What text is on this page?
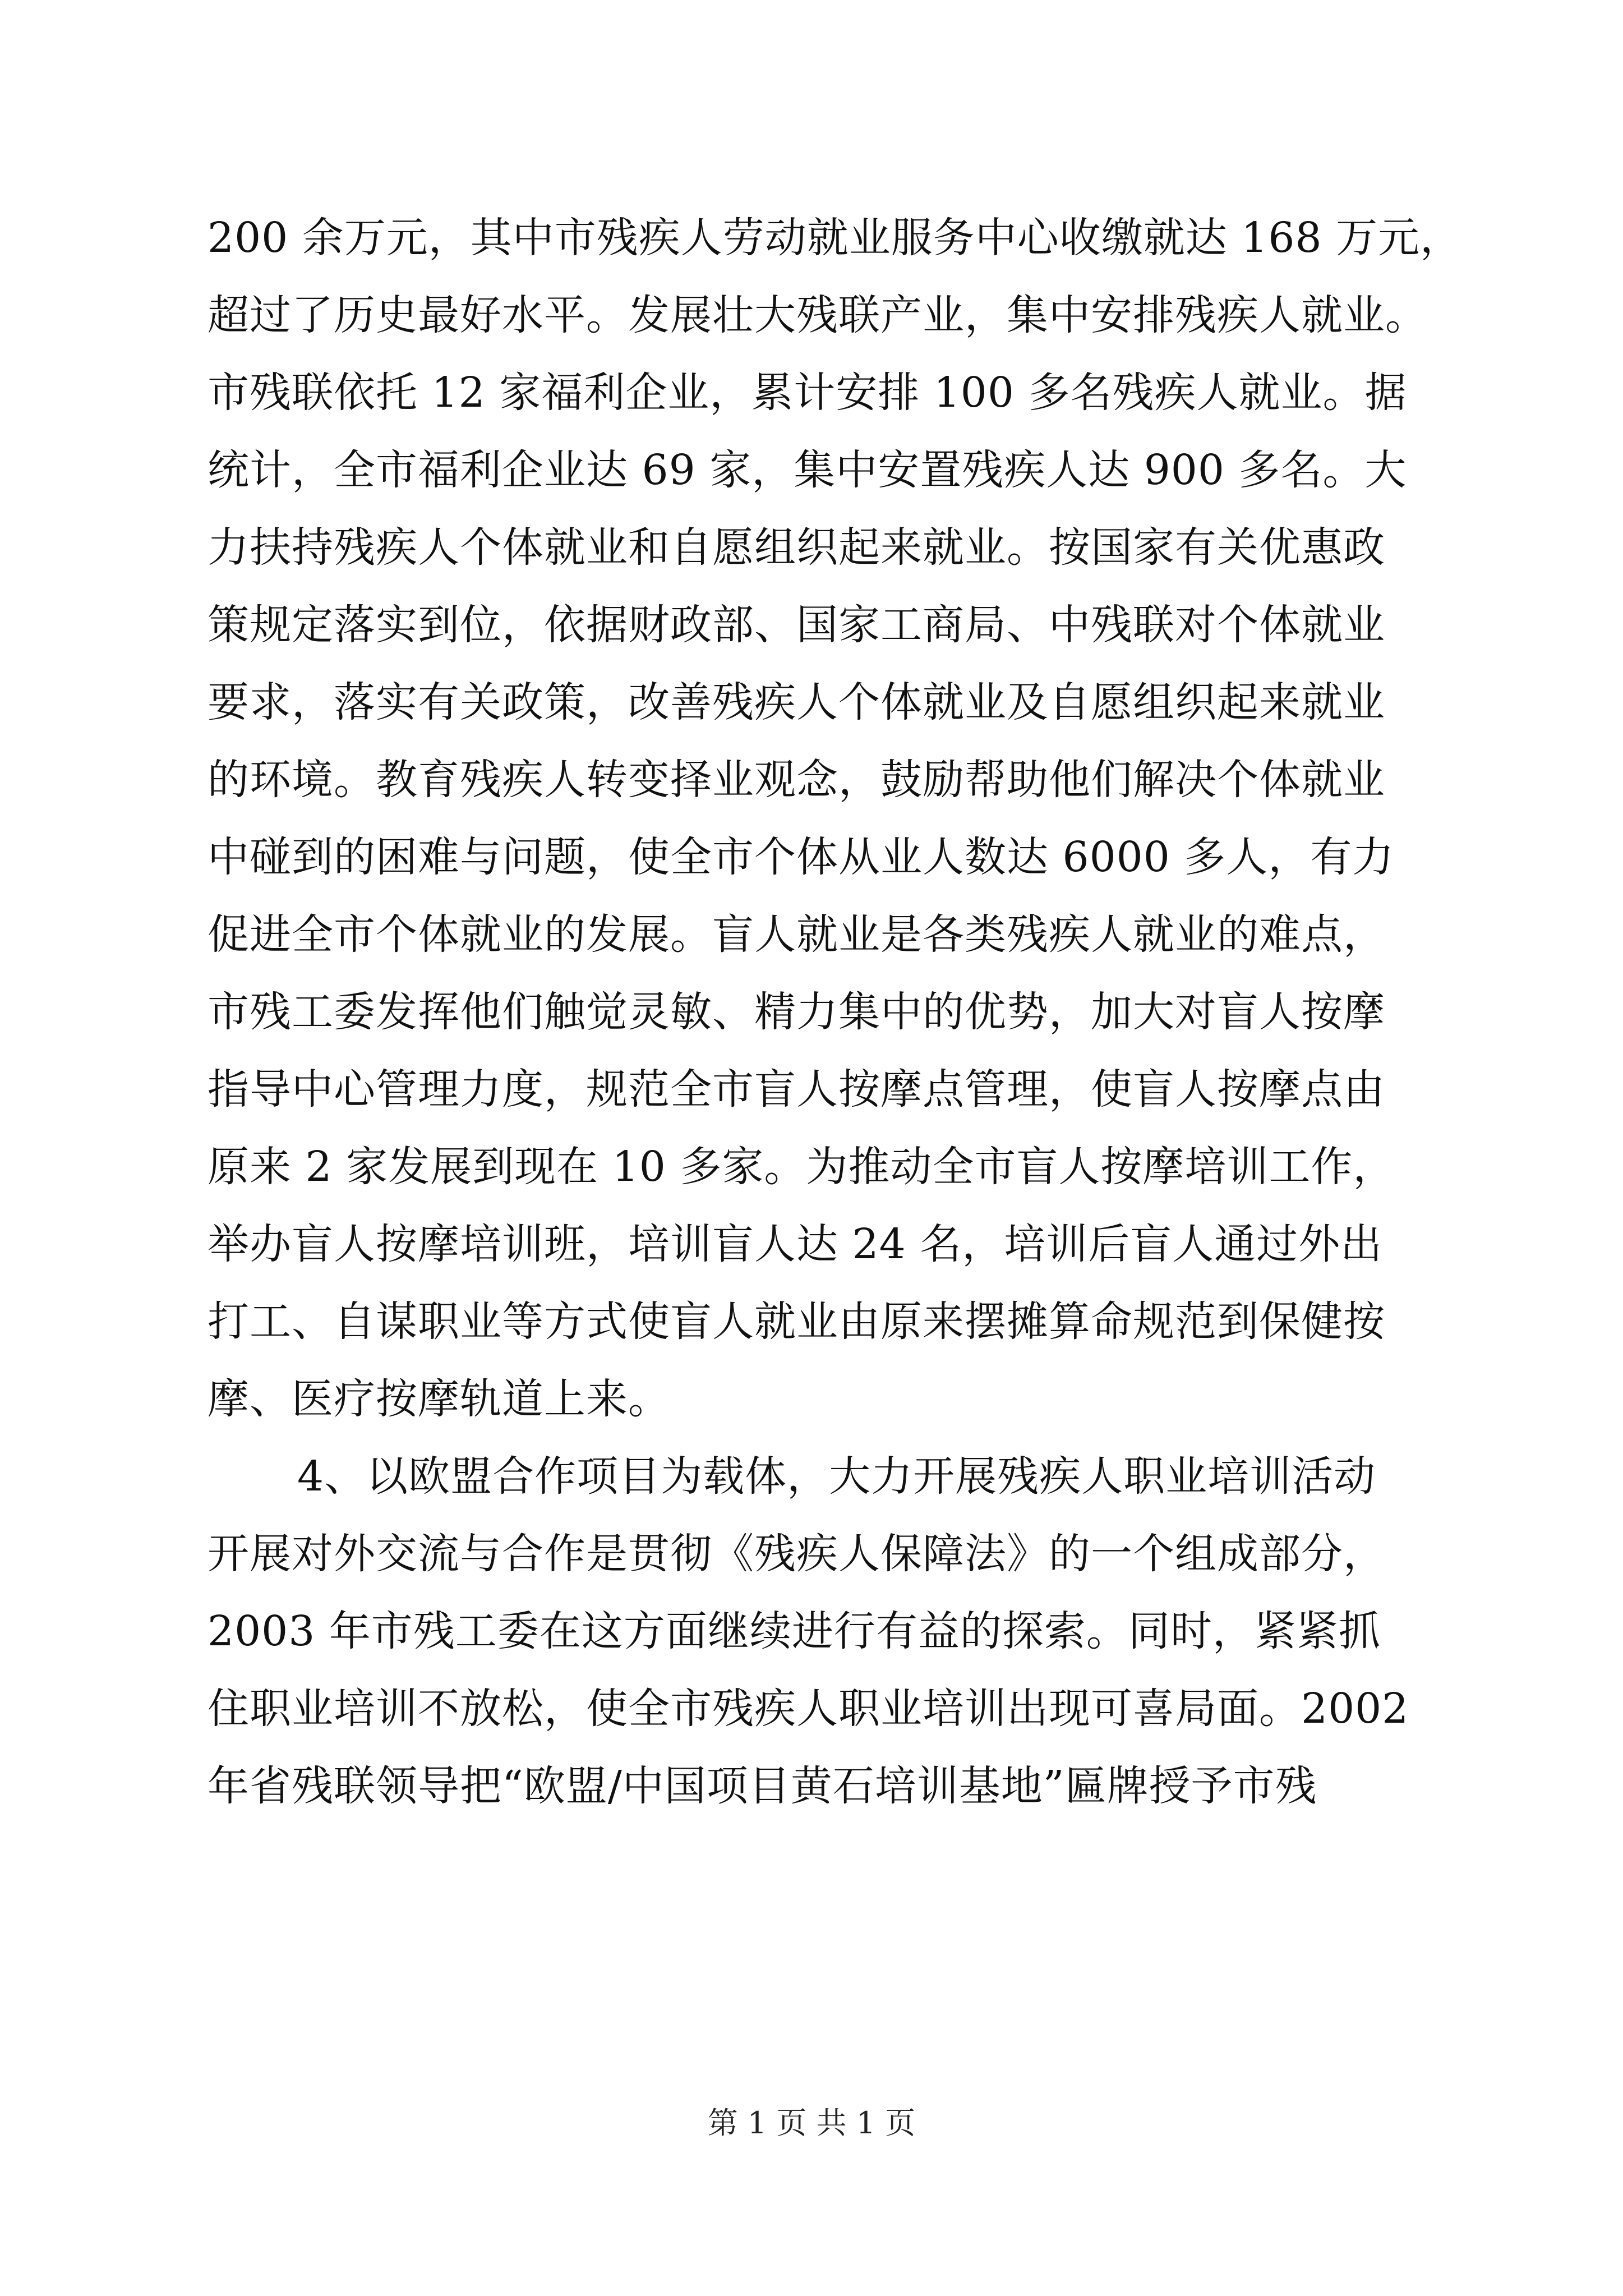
200 余万元，其中市残疾人劳动就业服务中心收缴就达 168 万元，
超过了历史最好水平。发展壮大残联产业，集中安排残疾人就业。
市残联依托 12 家福利企业，累计安排 100 多名残疾人就业。据
统计，全市福利企业达 69 家，集中安置残疾人达 900 多名。大
力扶持残疾人个体就业和自愿组织起来就业。按国家有关优惠政
策规定落实到位，依据财政部、国家工商局、中残联对个体就业
要求，落实有关政策，改善残疾人个体就业及自愿组织起来就业
的环境。教育残疾人转变择业观念，鼓励帮助他们解决个体就业
中碰到的困难与问题，使全市个体从业人数达 6000 多人，有力
促进全市个体就业的发展。盲人就业是各类残疾人就业的难点，
市残工委发挥他们触觉灵敏、精力集中的优势，加大对盲人按摩
指导中心管理力度，规范全市盲人按摩点管理，使盲人按摩点由
原来 2 家发展到现在 10 多家。为推动全市盲人按摩培训工作，
举办盲人按摩培训班，培训盲人达 24 名，培训后盲人通过外出
打工、自谋职业等方式使盲人就业由原来摆摊算命规范到保健按
摩、医疗按摩轨道上来。
4、以欧盟合作项目为载体，大力开展残疾人职业培训活动
开展对外交流与合作是贯彻《残疾人保障法》的一个组成部分，
2003 年市残工委在这方面继续进行有益的探索。同时，紧紧抓
住职业培训不放松，使全市残疾人职业培训出现可喜局面。2002
年省残联领导把“欧盟/中国项目黄石培训基地”匾牌授予市残
第 1 页 共 1 页
